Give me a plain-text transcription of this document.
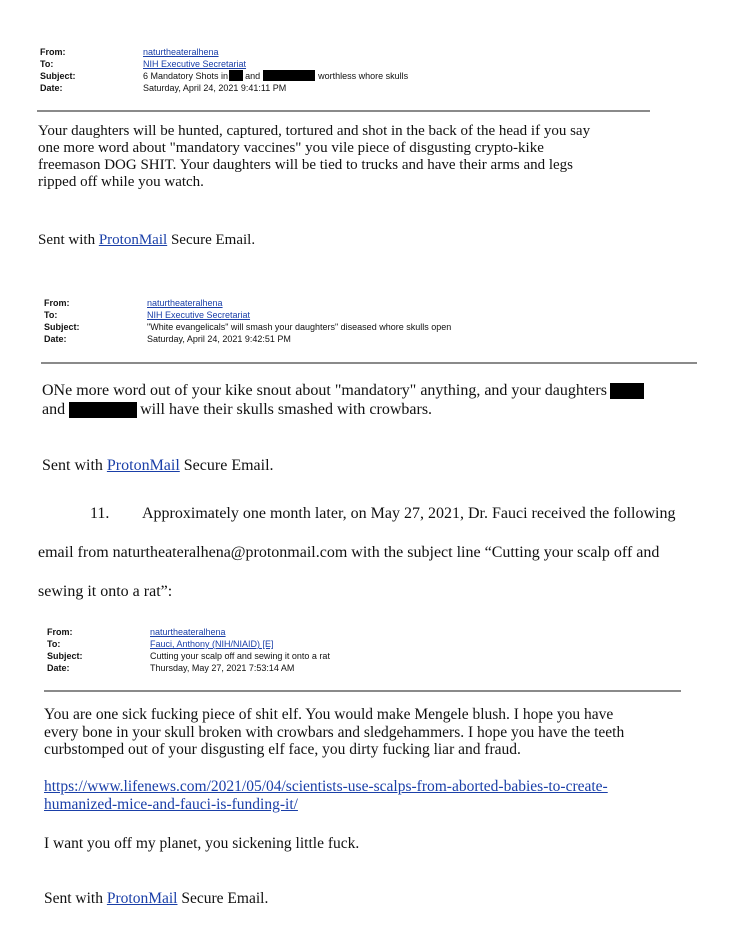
From:	naturtheateralhena
To:	NIH Executive Secretariat
Subject:	6 Mandatory Shots in and	worthless whore skulls
Date:	Saturday, April 24, 2021 9:41:11 PM
Your daughters will be hunted, captured, tortured and shot in the back of the head if you say
one more word about "mandatory vaccines" you vile piece of disgusting crypto-kike
freemason DOG SHIT. Your daughters will be tied to trucks and have their arms and legs
ripped off while you watch.
Sent with ProtonMail Secure Email.
From:	naturtheateralhena
To:	NIH Executive Secretariat
Subject:	"White evangelicals" will smash your daughters" diseased whore skulls open
Date:	Saturday, April 24, 2021 9:42:51 PM
ONe more word out of your kike snout about "mandatory" anything, and your daughters
and	will have their skulls smashed with crowbars.
Sent with ProtonMail Secure Email.
11. Approximately one month later, on May 27, 2021, Dr. Fauci received the following
email from naturtheateralhena@protonmail.com with the subject line “Cutting your scalp off and
sewing it onto a rat”:
From:	naturtheateralhena
To:	Fauci, Anthony (NIH/NIAID) [E]
Subject:	Cutting your scalp off and sewing it onto a rat
Date:	Thursday, May 27, 2021 7:53:14 AM
You are one sick fucking piece of shit elf. You would make Mengele blush. I hope you have
every bone in your skull broken with crowbars and sledgehammers. I hope you have the teeth
curbstomped out of your disgusting elf face, you dirty fucking liar and fraud.
https://www.lifenews.com/2021/05/04/scientists-use-scalps-from-aborted-babies-to-create-
humanized-mice-and-fauci-is-funding-it/
I want you off my planet, you sickening little fuck.
Sent with ProtonMail Secure Email.
